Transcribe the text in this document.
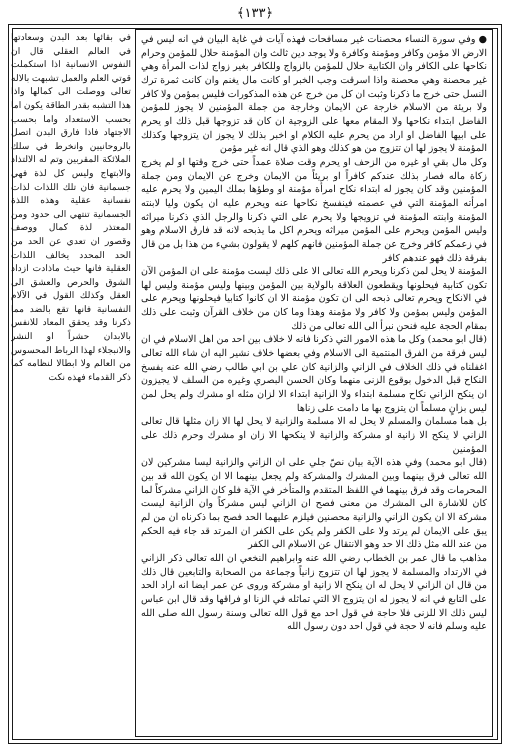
﴿١٣٣﴾

● وفي سورة النساء محصنات غير مسافحات فهذه آيات في غاية البيان في انه ليس في الارض الا مؤمن وكافر ومؤمنة وكافرة ولا يوجد دين ثالث وان المؤمنة حلال للمؤمن وحرام نكاحها على الكافر وان الكتابية حلال للمؤمن بالزواج وللكافر بغير زواج لذات المرأة وهي غير محصنة وهي محصنة واذا اسرقت وجب الخبر او كانت مال يغنم وان كانت ثمرة ترك النسل حتى خرج ما ذكرنا وثبت ان كل من خرج عن هذه المذكورات فليس بمؤمن ولا كافر ولا بريئة من الاسلام خارجة عن الايمان وخارجة من جملة المؤمنين لا يجوز للمؤمن الفاضل ابتداء نكاحها ولا المقام معها على الزوجية ان كان قد تزوجها قبل ذلك او يحرم على ابيها الفاضل او اراد من يحرم عليه الكلام او اخبر بذلك لا يجوز ان يتزوجها وكذلك المؤمنة لا يجوز لها ان تتزوج من هو كذلك وهو الذي قال انه غير مؤمن

وكل مال بقي او غيره من الزحف او يحرم وقت صلاة عمداً حتى خرج وقتها او لم يخرج زكاة ماله فصار بذلك عندكم كافراً او بريئاً من الايمان وخرج عن الايمان ومن جملة المؤمنين وقد كان يجوز له ابتداء نكاح امرأة مؤمنة او وطؤها بملك اليمين ولا يحرم عليه امرأته المؤمنة التي في عصمته فينفسخ نكاحها عنه ويحرم عليه ان يكون وليا لابنته المؤمنة وابنته المؤمنة في تزويجها ولا يحرم على التي ذكرنا والرجل الذي ذكرنا ميراثه وليس المؤمن ويحرم على المؤمن ميراثه ويحرم اكل ما يذبحه لانه قد فارق الاسلام وهو في زعمكم كافر وخرج عن جملة المؤمنين فانهم كلهم لا يقولون بشيء من هذا بل من قال بفرقة ذلك فهو عندهم كافر

المؤمنة لا يحل لمن ذكرنا ويحرم الله تعالى الا على ذلك ليست مؤمنة على ان المؤمن الآن تكون كتابية فيحلونها ويقطعون العلاقة بالولاية بين المؤمن وبينها وليس مؤمنة وليس لها في الانكاح ويحرم تعالى ذبحه الى ان تكون مؤمنة الا ان كانوا كتابيا فيحلونها ويحرم على المؤمن وليس بمؤمن ولا كافر ولا مؤمنة وهذا وما كان من خلاف القرآن وثبت على ذلك بمقام الحجة عليه فنحن نبرأ الى الله تعالى من ذلك

(قال ابو محمد) وكل ما هذه الامور التي ذكرنا فانه لا خلاف بين احد من اهل الاسلام في ان ليس فرقة من الفرق المنتمية الى الاسلام وفي بعضها خلاف نشير اليه ان شاء الله تعالى اغفلناه في ذلك الخلاف في الزاني والزانية كان علي بن ابي طالب رضي الله عنه يفسخ النكاح قبل الدخول بوقوع الزنى منهما وكان الحسن البصري وغيره من السلف لا يجيزون ان ينكح الزاني نكاح مسلمة ابتداء ولا الزانية ابتداء الا لزان مثله او مشرك ولم يحل لمن ليس بزانٍ مسلماً ان يتزوج بها ما دامت على زناها

بل هما مسلمان والمسلم لا يحل له الا مسلمة والزانية لا يحل لها الا زان مثلها قال تعالى الزاني لا ينكح الا زانية او مشركة والزانية لا ينكحها الا زان او مشرك وحرم ذلك على المؤمنين

(قال ابو محمد) وفي هذه الآية بيان نصّ جلي على ان الزاني والزانية ليسا مشركين لان الله تعالى فرق بينهما وبين المشرك والمشركة ولم يجعل بينهما الا ان يكون الله قد بين المحرمات وقد فرق بينهما في اللفظ المتقدم والمتأخر في الآية فلو كان الزاني مشركاً لما كان للاشارة الى المشرك من معنى فصح ان الزاني ليس مشركاً وان الزانية ليست مشركة الا ان يكون الزاني والزانية محصنين فيلزم عليهما الحد فصح بما ذكرناه ان من لم يبق على الايمان لم يرتد ولا على الكفر ولم يكن على الكفر ان المرتد قد جاء فيه الحكم من عند الله مثل ذلك الا حد وهو الانتقال عن الاسلام الى الكفر

مذاهب ما قال عمر بن الخطاب رضي الله عنه وابراهيم النخعي ان الله تعالى ذكر الزاني في الارتداد والمسلمة لا يجوز لها ان تتزوج زانياً وجماعة من الصحابة والتابعين قال ذلك من قال ان الزاني لا يحل له ان ينكح الا زانية او مشركة وروى عن عمر ايضا انه اراد الحد على التابع في انه لا يجوز له ان يتزوج الا التي تماثله في الزنا او فراقها وقد قال ابن عباس ليس ذلك الا للزنى فلا حاجة في قول احد مع قول الله تعالى وسنة رسول الله صلى الله عليه وسلم فانه لا حجة في قول احد دون رسول الله

في بقائها بعد البدن وسعادتها في العالم العقلي قال ان النفوس الانسانية اذا استكملت قوتي العلم والعمل تشبهت بالاله تعالى ووصلت الى كمالها واذا هذا التشبه بقدر الطاقة يكون اما بحسب الاستعداد واما بحسب الاجتهاد فاذا فارق البدن اتصل بالروحانيين وانخرط في سلك الملائكة المقربين وتم له الالتذاذ والابتهاج وليس كل لذة فهي جسمانية فان تلك اللذات لذات نفسانية عقلية وهذه اللذة الجسمانية تنتهي الى حدود ومن المعتذر لذة كمال ووصف وقصور ان تعدي عن الحد من الحد المحدد يخالف اللذات العقلية فانها حيث ماذادت ازداد الشوق والحرص والعشق الى العقل وكذلك القول في الآلام النفسانية فانها تقع بالضد مما ذكرنا وقد يحقق المعاد للانفس بالابدان حشراً او النشر والانبجلاء لهذا الرباط المحسوس من العالم ولا ابطالا لنظامه كما ذكر القدماء فهذه نكت
